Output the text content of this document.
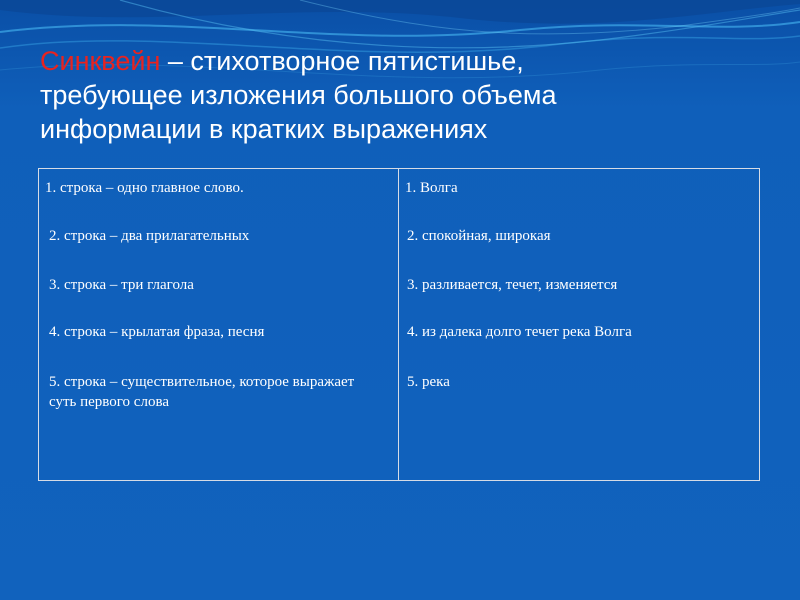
Синквейн – стихотворное пятистишье,
требующее изложения большого объема
информации в кратких выражениях
1. строка – одно главное слово.
2. строка – два прилагательных
3. строка – три глагола
4. строка – крылатая фраза, песня
5. строка – существительное, которое выражает суть первого слова
1. Волга
2. спокойная, широкая
3. разливается, течет, изменяется
4. из далека долго течет река Волга
5. река
